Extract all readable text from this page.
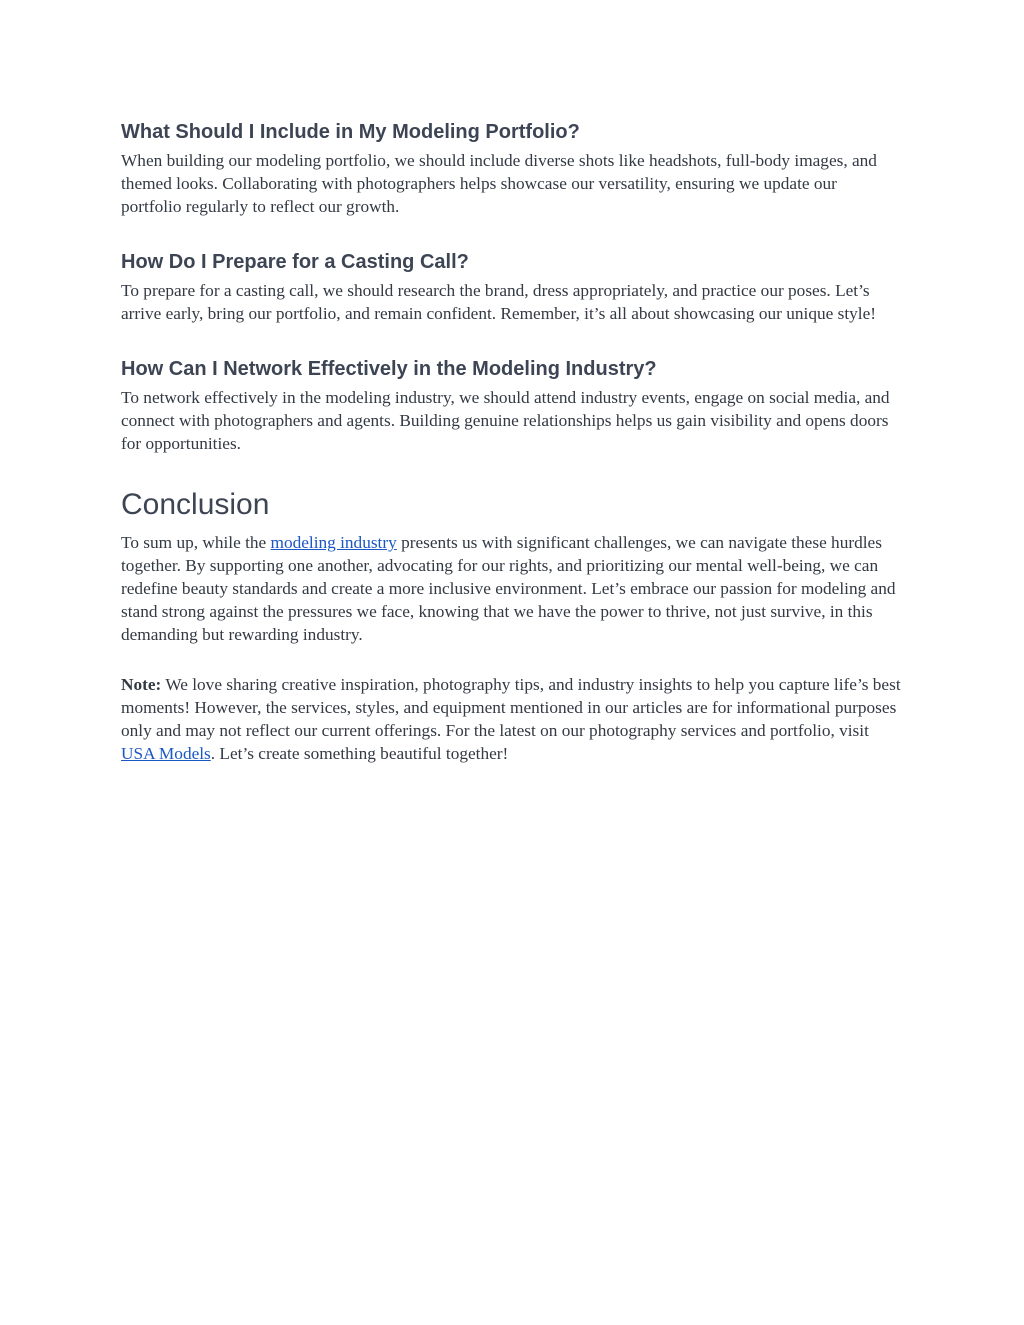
What Should I Include in My Modeling Portfolio?

When building our modeling portfolio, we should include diverse shots like headshots, full-body images, and themed looks. Collaborating with photographers helps showcase our versatility, ensuring we update our portfolio regularly to reflect our growth.

How Do I Prepare for a Casting Call?

To prepare for a casting call, we should research the brand, dress appropriately, and practice our poses. Let’s arrive early, bring our portfolio, and remain confident. Remember, it’s all about showcasing our unique style!

How Can I Network Effectively in the Modeling Industry?

To network effectively in the modeling industry, we should attend industry events, engage on social media, and connect with photographers and agents. Building genuine relationships helps us gain visibility and opens doors for opportunities.

Conclusion

To sum up, while the modeling industry presents us with significant challenges, we can navigate these hurdles together. By supporting one another, advocating for our rights, and prioritizing our mental well-being, we can redefine beauty standards and create a more inclusive environment. Let’s embrace our passion for modeling and stand strong against the pressures we face, knowing that we have the power to thrive, not just survive, in this demanding but rewarding industry.

Note: We love sharing creative inspiration, photography tips, and industry insights to help you capture life’s best moments! However, the services, styles, and equipment mentioned in our articles are for informational purposes only and may not reflect our current offerings. For the latest on our photography services and portfolio, visit USA Models. Let’s create something beautiful together!
